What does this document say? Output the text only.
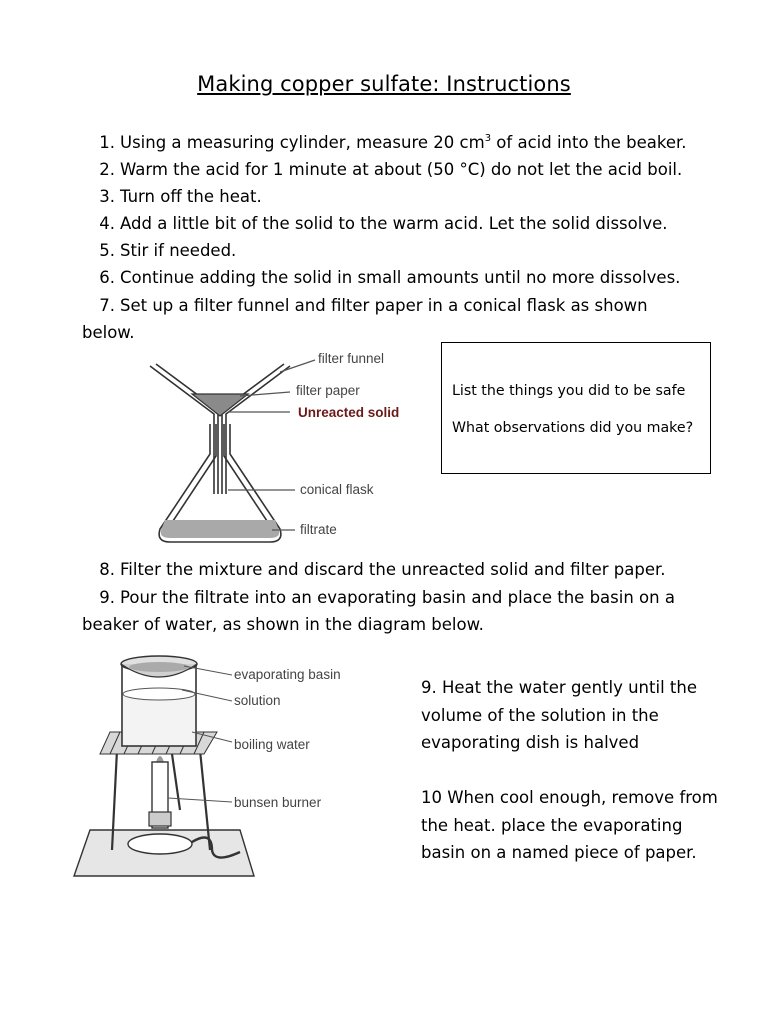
Making copper sulfate: Instructions
1. Using a measuring cylinder, measure 20 $cm^3$ of acid into the beaker.
2. Warm the acid for 1 minute at about (50 °C) do not let the acid boil.
3. Turn off the heat.
4. Add a little bit of the solid to the warm acid. Let the solid dissolve.
5. Stir if needed.
6. Continue adding the solid in small amounts until no more dissolves.
7. Set up a filter funnel and filter paper in a conical flask as shown
below.
List the things you did to be safe
What observations did you make?
filter funnel
filter paper
Unreacted solid
conical flask
filtrate
8. Filter the mixture and discard the unreacted solid and filter paper.
9. Pour the filtrate into an evaporating basin and place the basin on a
beaker of water, as shown in the diagram below.
evaporating basin
solution
boiling water
bunsen burner
9. Heat the water gently until the volume of the solution in the evaporating dish is halved
10 When cool enough, remove from the heat. place the evaporating basin on a named piece of paper.
